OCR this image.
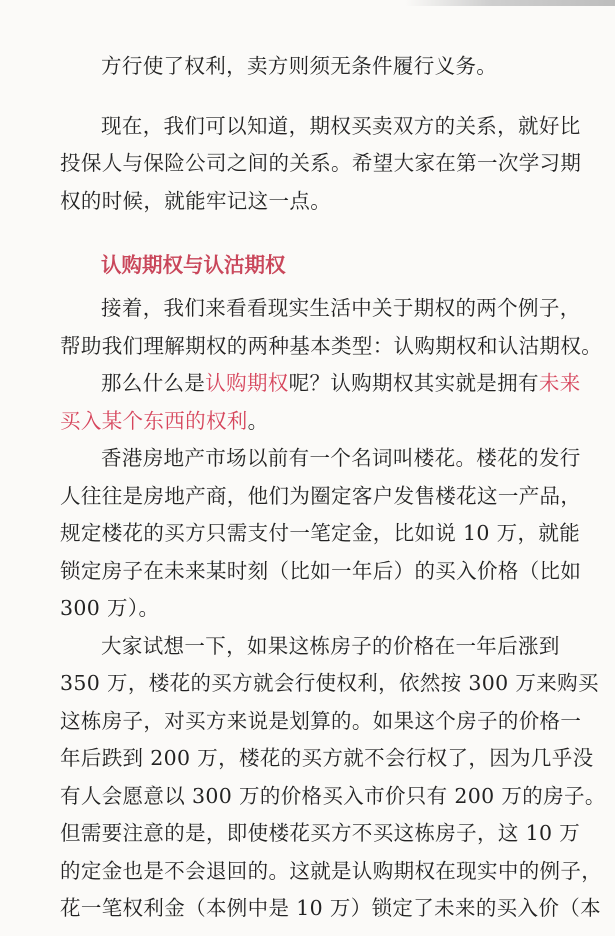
方行使了权利，卖方则须无条件履行义务。
现在，我们可以知道，期权买卖双方的关系，就好比
投保人与保险公司之间的关系。希望大家在第一次学习期
权的时候，就能牢记这一点。
认购期权与认沽期权
接着，我们来看看现实生活中关于期权的两个例子，
帮助我们理解期权的两种基本类型：认购期权和认沽期权。
那么什么是认购期权呢？认购期权其实就是拥有未来
买入某个东西的权利。
香港房地产市场以前有一个名词叫楼花。楼花的发行
人往往是房地产商，他们为圈定客户发售楼花这一产品，
规定楼花的买方只需支付一笔定金，比如说 10 万，就能
锁定房子在未来某时刻（比如一年后）的买入价格（比如
300 万）。
大家试想一下，如果这栋房子的价格在一年后涨到
350 万，楼花的买方就会行使权利，依然按 300 万来购买
这栋房子，对买方来说是划算的。如果这个房子的价格一
年后跌到 200 万，楼花的买方就不会行权了，因为几乎没
有人会愿意以 300 万的价格买入市价只有 200 万的房子。
但需要注意的是，即使楼花买方不买这栋房子，这 10 万
的定金也是不会退回的。这就是认购期权在现实中的例子，
花一笔权利金（本例中是 10 万）锁定了未来的买入价（本
